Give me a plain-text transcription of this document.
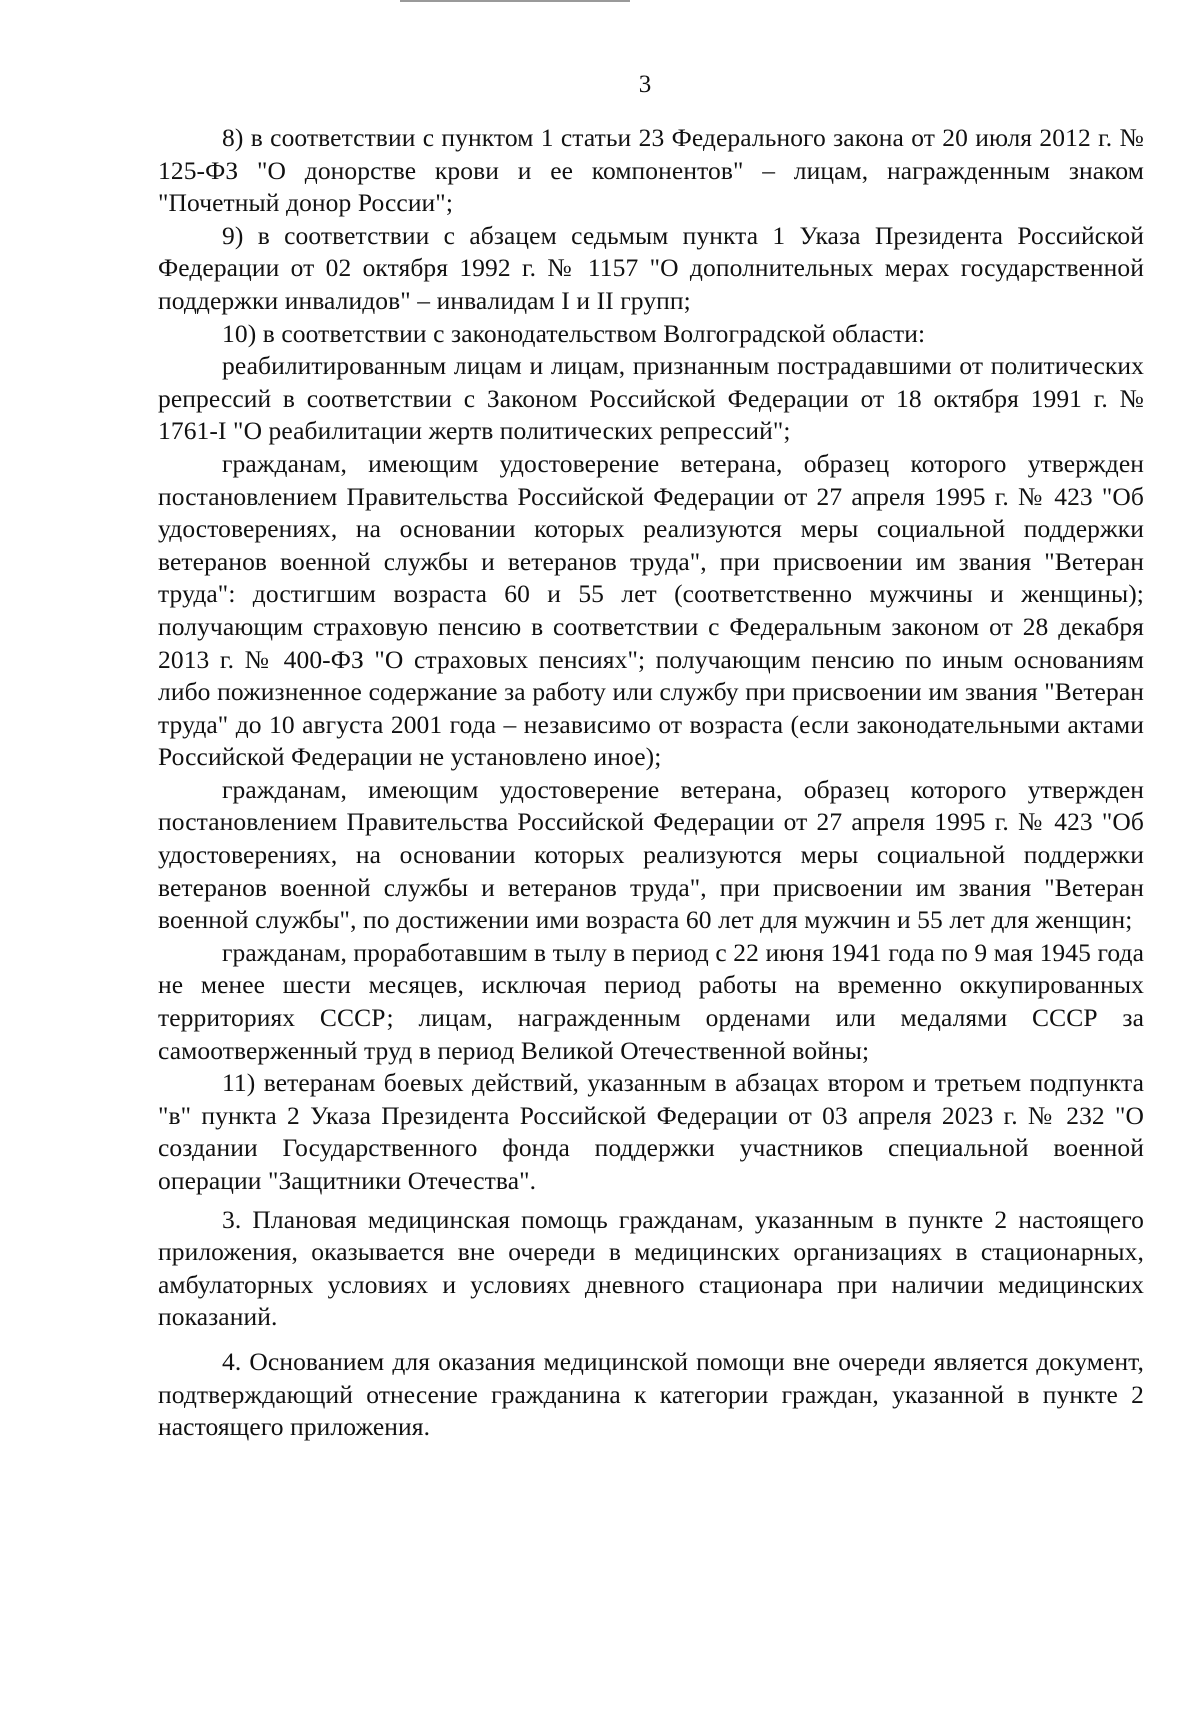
3

8) в соответствии с пунктом 1 статьи 23 Федерального закона от 20 июля 2012 г. № 125-ФЗ "О донорстве крови и ее компонентов" – лицам, награжденным знаком "Почетный донор России";

9) в соответствии с абзацем седьмым пункта 1 Указа Президента Российской Федерации от 02 октября 1992 г. № 1157 "О дополнительных мерах государственной поддержки инвалидов" – инвалидам I и II групп;

10) в соответствии с законодательством Волгоградской области:

реабилитированным лицам и лицам, признанным пострадавшими от политических репрессий в соответствии с Законом Российской Федерации от 18 октября 1991 г. № 1761-I "О реабилитации жертв политических репрессий";

гражданам, имеющим удостоверение ветерана, образец которого утвержден постановлением Правительства Российской Федерации от 27 апреля 1995 г. № 423 "Об удостоверениях, на основании которых реализуются меры социальной поддержки ветеранов военной службы и ветеранов труда", при присвоении им звания "Ветеран труда": достигшим возраста 60 и 55 лет (соответственно мужчины и женщины); получающим страховую пенсию в соответствии с Федеральным законом от 28 декабря 2013 г. № 400-ФЗ "О страховых пенсиях"; получающим пенсию по иным основаниям либо пожизненное содержание за работу или службу при присвоении им звания "Ветеран труда" до 10 августа 2001 года – независимо от возраста (если законодательными актами Российской Федерации не установлено иное);

гражданам, имеющим удостоверение ветерана, образец которого утвержден постановлением Правительства Российской Федерации от 27 апреля 1995 г. № 423 "Об удостоверениях, на основании которых реализуются меры социальной поддержки ветеранов военной службы и ветеранов труда", при присвоении им звания "Ветеран военной службы", по достижении ими возраста 60 лет для мужчин и 55 лет для женщин;

гражданам, проработавшим в тылу в период с 22 июня 1941 года по 9 мая 1945 года не менее шести месяцев, исключая период работы на временно оккупированных территориях СССР; лицам, награжденным орденами или медалями СССР за самоотверженный труд в период Великой Отечественной войны;

11) ветеранам боевых действий, указанным в абзацах втором и третьем подпункта "в" пункта 2 Указа Президента Российской Федерации от 03 апреля 2023 г. № 232 "О создании Государственного фонда поддержки участников специальной военной операции "Защитники Отечества".

3. Плановая медицинская помощь гражданам, указанным в пункте 2 настоящего приложения, оказывается вне очереди в медицинских организациях в стационарных, амбулаторных условиях и условиях дневного стационара при наличии медицинских показаний.

4. Основанием для оказания медицинской помощи вне очереди является документ, подтверждающий отнесение гражданина к категории граждан, указанной в пункте 2 настоящего приложения.
